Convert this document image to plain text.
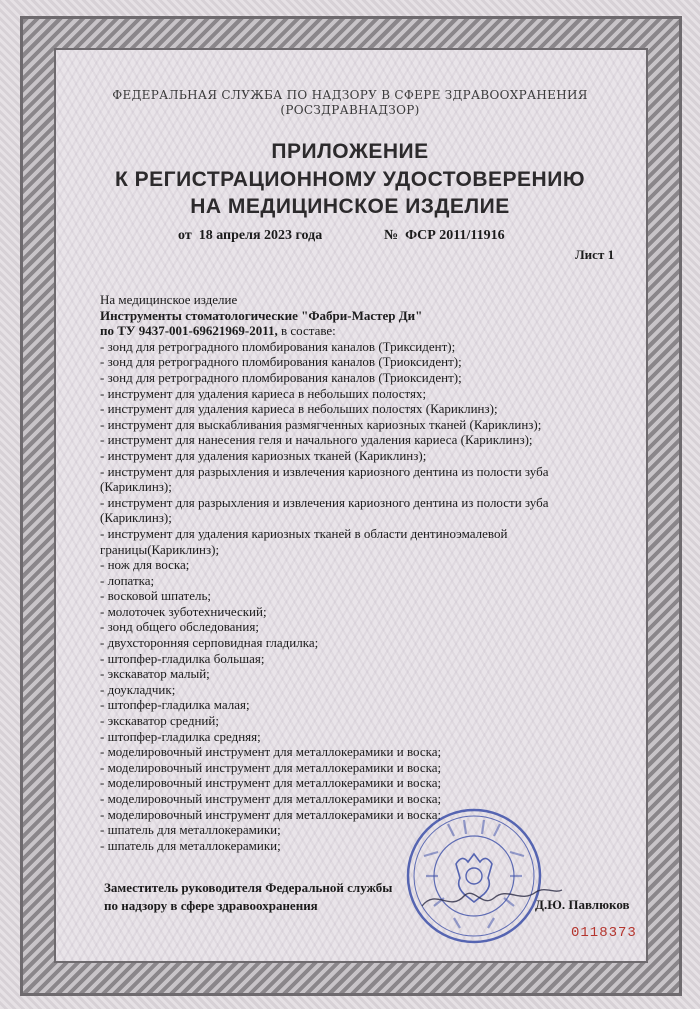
ФЕДЕРАЛЬНАЯ СЛУЖБА ПО НАДЗОРУ В СФЕРЕ ЗДРАВООХРАНЕНИЯ
(РОСЗДРАВНАДЗОР)
ПРИЛОЖЕНИЕ
К РЕГИСТРАЦИОННОМУ УДОСТОВЕРЕНИЮ
НА МЕДИЦИНСКОЕ ИЗДЕЛИЕ
от 18 апреля 2023 года	№ ФСР 2011/11916
Лист 1
На медицинское изделие
Инструменты стоматологические "Фабри-Мастер Ди"
по ТУ 9437-001-69621969-2011, в составе:
- зонд для ретроградного пломбирования каналов (Триксидент);
- зонд для ретроградного пломбирования каналов (Триоксидент);
- зонд для ретроградного пломбирования каналов (Триоксидент);
- инструмент для удаления кариеса в небольших полостях;
- инструмент для удаления кариеса в небольших полостях (Кариклинз);
- инструмент для выскабливания размягченных кариозных тканей (Кариклинз);
- инструмент для нанесения геля и начального удаления кариеса (Кариклинз);
- инструмент для удаления кариозных тканей (Кариклинз);
- инструмент для разрыхления и извлечения кариозного дентина из полости зуба
(Кариклинз);
- инструмент для разрыхления и извлечения кариозного дентина из полости зуба
(Кариклинз);
- инструмент для удаления кариозных тканей в области дентиноэмалевой
границы(Кариклинз);
- нож для воска;
- лопатка;
- восковой шпатель;
- молоточек зуботехнический;
- зонд общего обследования;
- двухсторонняя серповидная гладилка;
- штопфер-гладилка большая;
- экскаватор малый;
- доукладчик;
- штопфер-гладилка малая;
- экскаватор средний;
- штопфер-гладилка средняя;
- моделировочный инструмент для металлокерамики и воска;
- моделировочный инструмент для металлокерамики и воска;
- моделировочный инструмент для металлокерамики и воска;
- моделировочный инструмент для металлокерамики и воска;
- моделировочный инструмент для металлокерамики и воска;
- шпатель для металлокерамики;
- шпатель для металлокерамики;
Заместитель руководителя Федеральной службы
по надзору в сфере здравоохранения	Д.Ю. Павлюков
0118373
